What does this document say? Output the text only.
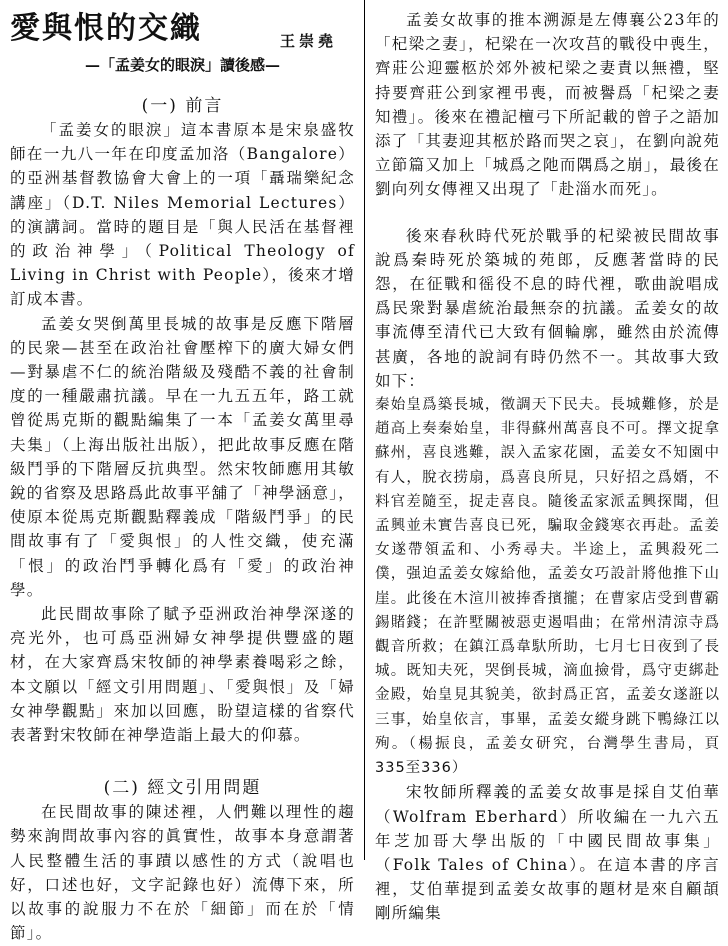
愛與恨的交織	王崇堯
—「孟姜女的眼淚」讀後感—
(一) 前言

「孟姜女的眼淚」這本書原本是宋泉盛牧師在一九八一年在印度孟加洛（Bangalore）的亞洲基督教協會大會上的一項「聶瑞樂紀念講座」（D.T. Niles Memorial Lectures）的演講詞。當時的題目是「與人民活在基督裡的政治神學」（Political Theology of Living in Christ with People），後來才增訂成本書。

孟姜女哭倒萬里長城的故事是反應下階層的民衆—甚至在政治社會壓榨下的廣大婦女們—對暴虐不仁的統治階級及殘酷不義的社會制度的一種嚴肅抗議。早在一九五五年，路工就曾從馬克斯的觀點編集了一本「孟姜女萬里尋夫集」（上海出版社出版），把此故事反應在階級鬥爭的下階層反抗典型。然宋牧師應用其敏銳的省察及思路爲此故事平舖了「神學涵意」，使原本從馬克斯觀點釋義成「階級鬥爭」的民間故事有了「愛與恨」的人性交織，使充滿「恨」的政治鬥爭轉化爲有「愛」的政治神學。

此民間故事除了賦予亞洲政治神學深遂的亮光外，也可爲亞洲婦女神學提供豐盛的題材，在大家齊爲宋牧師的神學素養喝彩之餘，本文願以「經文引用問題」、「愛與恨」及「婦女神學觀點」來加以回應，盼望這樣的省察代表著對宋牧師在神學造詣上最大的仰慕。

(二) 經文引用問題

在民間故事的陳述裡，人們難以理性的趨勢來詢問故事內容的眞實性，故事本身意謂著人民整體生活的事蹟以感性的方式（說唱也好，口述也好，文字記錄也好）流傳下來，所以故事的說服力不在於「細節」而在於「情節」。

孟姜女故事的推本溯源是左傳襄公23年的「杞梁之妻」，杞梁在一次攻莒的戰役中喪生，齊莊公迎靈柩於郊外被杞梁之妻責以無禮，堅持要齊莊公到家裡弔喪，而被譽爲「杞梁之妻知禮」。後來在禮記檀弓下所記載的曾子之語加添了「其妻迎其柩於路而哭之哀」，在劉向說苑立節篇又加上「城爲之阤而隅爲之崩」，最後在劉向列女傳裡又出現了「赴淄水而死」。

後來春秋時代死於戰爭的杞梁被民間故事說爲秦時死於築城的苑郎，反應著當時的民怨，在征戰和徭役不息的時代裡，歌曲說唱成爲民衆對暴虐統治最無奈的抗議。孟姜女的故事流傳至清代已大致有個輪廓，雖然由於流傳甚廣，各地的說詞有時仍然不一。其故事大致如下：

秦始皇爲築長城，徵調天下民夫。長城難修，於是趙高上奏秦始皇，非得蘇州萬喜良不可。擇文捉拿蘇州，喜良逃難，誤入孟家花園，孟姜女不知園中有人，脫衣捞扇，爲喜良所見，只好招之爲婿，不料官差隨至，捉走喜良。隨後孟家派孟興探聞，但孟興並未實告喜良已死，騙取金錢寒衣再赴。孟姜女遂帶領孟和、小秀尋夫。半途上，孟興殺死二僕，强迫孟姜女嫁給他，孟姜女巧設計將他推下山崖。此後在木渲川被捧香擯攏；在曹家店受到曹霸錫賭錢；在許墅關被惡吏遏唱曲；在常州清涼寺爲觀音所救；在鎮江爲韋馱所助，七月七日夜到了長城。既知夫死，哭倒長城，滴血撿骨，爲守吏綁赴金殿，始皇見其貌美，欲封爲正宮，孟姜女遂誑以三事，始皇依言，事畢，孟姜女縱身跳下鴨綠江以殉。（楊振良，孟姜女研究，台灣學生書局，頁335至336）

宋牧師所釋義的孟姜女故事是採自艾伯華（Wolfram Eberhard）所收編在一九六五年芝加哥大學出版的「中國民間故事集」（Folk Tales of China）。在這本書的序言裡，艾伯華提到孟姜女故事的題材是來自顧頡剛所編集
